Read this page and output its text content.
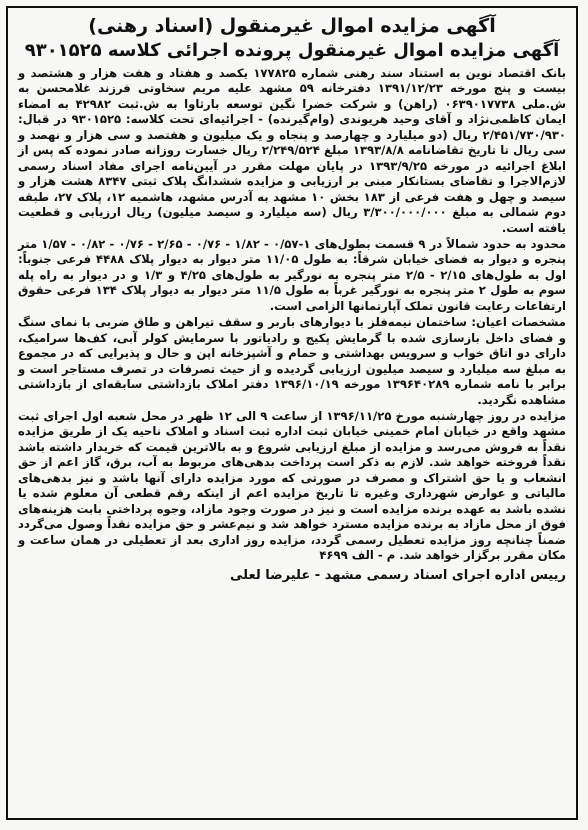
آگهی مزایده اموال غیرمنقول (اسناد رهنی)
آگهی مزایده اموال غیرمنقول پرونده اجرائی کلاسه ۹۳۰۱۵۲۵

بانک اقتصاد نوین به استناد سند رهنی شماره ۱۷۷۸۲۵ یکصد و هفتاد و هفت هزار و هشتصد و بیست و پنج مورخه ۱۳۹۱/۱۲/۲۳ دفترخانه ۵۹ مشهد علیه مریم سخاوتی فرزند غلامحسن به ش.ملی ۰۶۳۹۰۱۷۷۳۸ (راهن) و شرکت خضرا نگین توسعه بارثاوا به ش.ثبت ۴۲۹۸۲ به امضاء ایمان کاظمی‌نژاد و آقای وحید هریوندی (وام‌گیرنده) - اجرائیه‌ای تحت کلاسه: ۹۳۰۱۵۲۵ در قبال: ۲/۴۵۱/۷۳۰/۹۳۰ ریال (دو میلیارد و چهارصد و پنجاه و یک میلیون و هفتصد و سی هزار و نهصد و سی ریال تا تاریخ تقاضانامه ۱۳۹۳/۸/۸ مبلغ ۲/۲۴۹/۵۲۴ ریال خسارت روزانه صادر نموده که پس از ابلاغ اجرائیه در مورخه ۱۳۹۳/۹/۲۵ در پایان مهلت مقرر در آیین‌نامه اجرای مفاد اسناد رسمی لازم‌الاجرا و تقاضای بستانکار مبنی بر ارزیابی و مزایده ششدانگ پلاک ثبتی ۸۳۴۷ هشت هزار و سیصد و چهل و هفت فرعی از ۱۸۳ بخش ۱۰ مشهد به آدرس مشهد، هاشمیه ۱۲، پلاک ۲۷، طبقه دوم شمالی به مبلغ ۳/۳۰۰/۰۰۰/۰۰۰ ریال (سه میلیارد و سیصد میلیون) ریال ارزیابی و قطعیت یافته است.

محدود به حدود شمالاً در ۹ قسمت بطول‌های ۱-۰/۵۷ - ۱/۸۲ - ۰/۷۶ - ۲/۶۵ - ۰/۷۶ - ۰/۸۲ - ۱/۵۷ متر پنجره و دیوار به فضای خیابان شرقاً: به طول ۱۱/۰۵ متر دیوار به دیوار پلاک ۴۴۸۸ فرعی جنوباً: اول به طول‌های ۲/۱۵ - ۲/۵ متر پنجره به نورگیر به طول‌های ۴/۲۵ و ۱/۳ و در دیوار به راه پله سوم به طول ۲ متر پنجره به نورگیر غرباً به طول ۱۱/۵ متر دیوار به دیوار پلاک ۱۳۴ فرعی حقوق ارتفاعات رعایت قانون تملک آپارتمانها الزامی است.

مشخصات اعیان: ساختمان نیمه‌فلز با دیوارهای باربر و سقف تیراهن و طاق ضربی با نمای سنگ و فضای داخل بازسازی شده با گرمایش پکیج و رادیاتور با سرمایش کولر آبی، کف‌ها سرامیک، دارای دو اتاق خواب و سرویس بهداشتی و حمام و آشپزخانه اپن و حال و پذیرایی که در مجموع به مبلغ سه میلیارد و سیصد میلیون ارزیابی گردیده و از حیث تصرفات در تصرف مستاجر است و برابر با نامه شماره ۱۳۹۶۴۰۲۸۹ مورخه ۱۳۹۶/۱۰/۱۹ دفتر املاک بازداشتی سابقه‌ای از بازداشتی مشاهده نگردید.

مزایده در روز چهارشنبه مورخ ۱۳۹۶/۱۱/۲۵ از ساعت ۹ الی ۱۲ ظهر در محل شعبه اول اجرای ثبت مشهد واقع در خیابان امام خمینی خیابان ثبت اداره ثبت اسناد و املاک ناحیه یک از طریق مزایده نقداً به فروش می‌رسد و مزایده از مبلغ ارزیابی شروع و به بالاترین قیمت که خریدار داشته باشد نقداً فروخته خواهد شد. لازم به ذکر است پرداخت بدهی‌های مربوط به آب، برق، گاز اعم از حق انشعاب و یا حق اشتراک و مصرف در صورتی که مورد مزایده دارای آنها باشد و نیز بدهی‌های مالیاتی و عوارض شهرداری وغیره تا تاریخ مزایده اعم از اینکه رقم قطعی آن معلوم شده یا نشده باشد به عهده برنده مزایده است و نیز در صورت وجود مازاد، وجوه پرداختی بابت هزینه‌های فوق از محل مازاد به برنده مزایده مسترد خواهد شد و نیم‌عشر و حق مزایده نقداً وصول می‌گردد ضمناً چنانچه روز مزایده تعطیل رسمی گردد، مزایده روز اداری بعد از تعطیلی در همان ساعت و مکان مقرر برگزار خواهد شد. م - الف ۴۶۹۹

رییس اداره اجرای اسناد رسمی مشهد - علیرضا لعلی
